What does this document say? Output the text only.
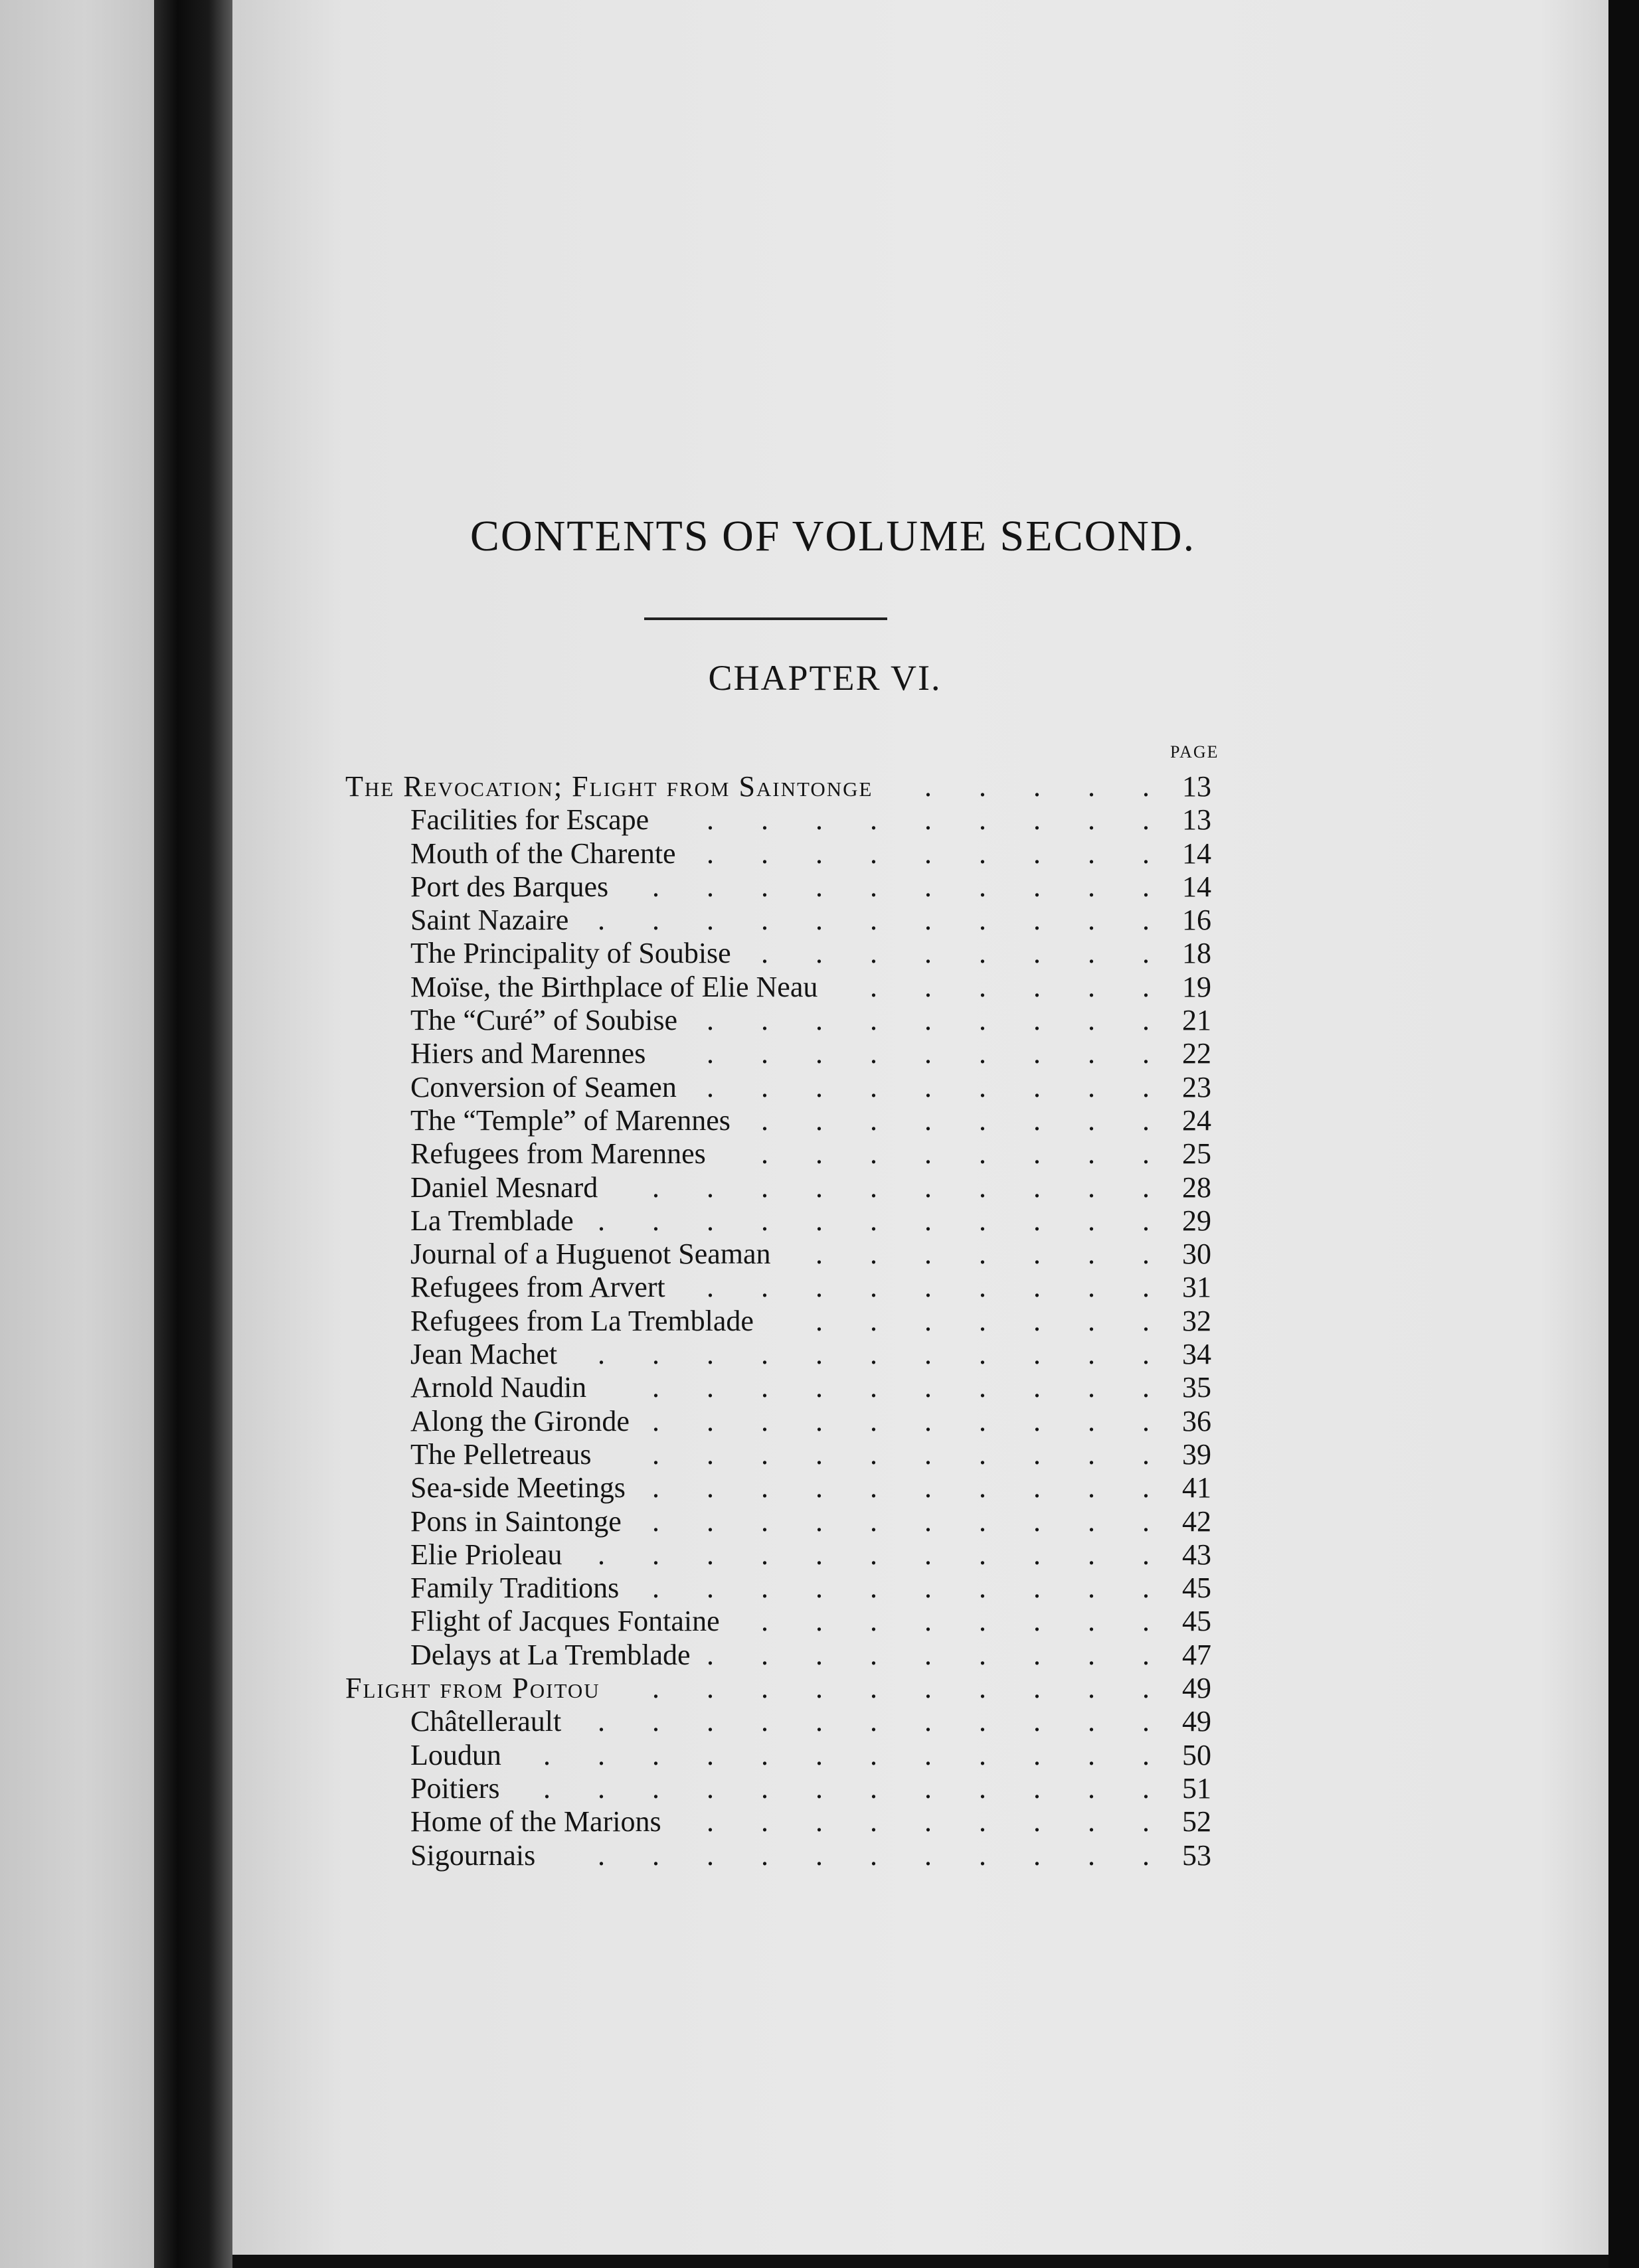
CONTENTS OF VOLUME SECOND.
CHAPTER VI.
PAGE
The Revocation; Flight from Saintonge	13
. . . . .
Facilities for Escape	13
. . . . . . . . .
Mouth of the Charente	14
. . . . . . . . .
Port des Barques	14
. . . . . . . . . .
Saint Nazaire	16
. . . . . . . . . . .
The Principality of Soubise	18
. . . . . . . .
Moïse, the Birthplace of Elie Neau	19
. . . . . .
The “Curé” of Soubise	21
. . . . . . . . .
Hiers and Marennes	22
. . . . . . . . .
Conversion of Seamen	23
. . . . . . . . .
The “Temple” of Marennes	24
. . . . . . . .
Refugees from Marennes	25
. . . . . . . .
Daniel Mesnard	28
. . . . . . . . . .
La Tremblade	29
. . . . . . . . . . .
Journal of a Huguenot Seaman	30
. . . . . . .
Refugees from Arvert	31
. . . . . . . . .
Refugees from La Tremblade	32
. . . . . . .
Jean Machet	34
. . . . . . . . . . .
Arnold Naudin	35
. . . . . . . . . .
Along the Gironde	36
. . . . . . . . . .
The Pelletreaus	39
. . . . . . . . . .
Sea-side Meetings	41
. . . . . . . . . .
Pons in Saintonge	42
. . . . . . . . . .
Elie Prioleau	43
. . . . . . . . . . .
Family Traditions	45
. . . . . . . . . .
Flight of Jacques Fontaine	45
. . . . . . . .
Delays at La Tremblade	47
. . . . . . . . .
Flight from Poitou	49
. . . . . . . . . .
Châtellerault	49
. . . . . . . . . . .
Loudun	50
. . . . . . . . . . . .
Poitiers	51
. . . . . . . . . . . .
Home of the Marions	52
. . . . . . . . .
Sigournais	53
. . . . . . . . . . .
